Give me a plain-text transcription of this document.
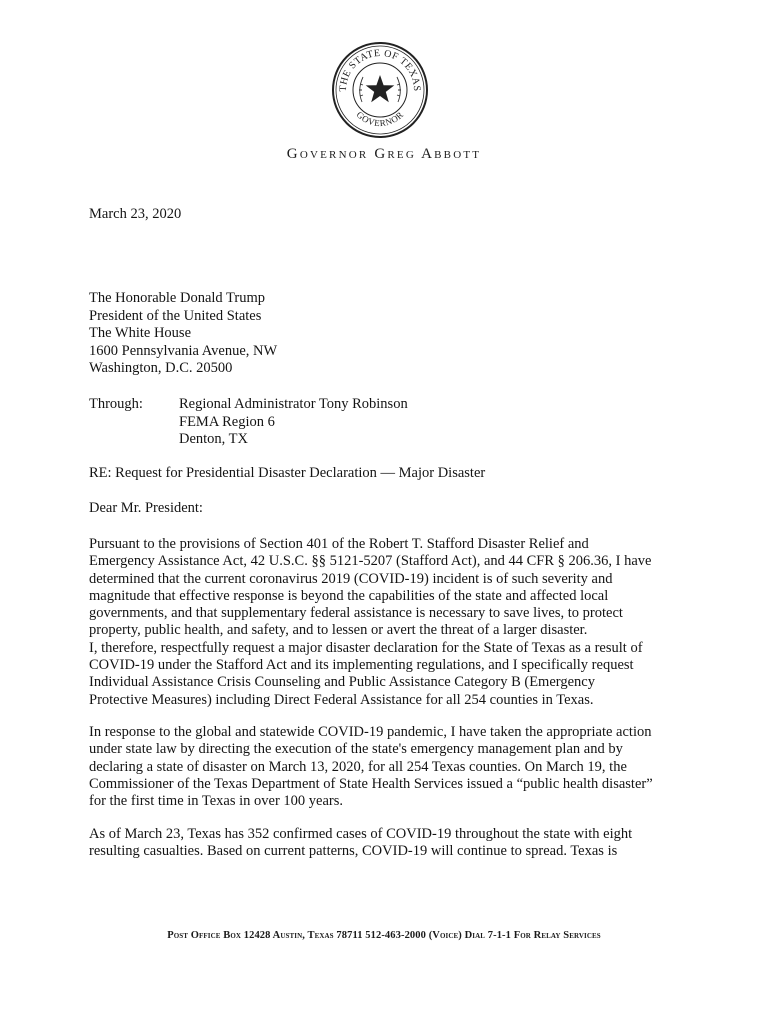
THE STATE OF TEXAS
GOVERNOR
Governor Greg Abbott
March 23, 2020
The Honorable Donald Trump
President of the United States
The White House
1600 Pennsylvania Avenue, NW
Washington, D.C. 20500
Through: Regional Administrator Tony Robinson
FEMA Region 6
Denton, TX
RE: Request for Presidential Disaster Declaration — Major Disaster
Dear Mr. President:
Pursuant to the provisions of Section 401 of the Robert T. Stafford Disaster Relief and
Emergency Assistance Act, 42 U.S.C. §§ 5121-5207 (Stafford Act), and 44 CFR § 206.36, I have
determined that the current coronavirus 2019 (COVID-19) incident is of such severity and
magnitude that effective response is beyond the capabilities of the state and affected local
governments, and that supplementary federal assistance is necessary to save lives, to protect
property, public health, and safety, and to lessen or avert the threat of a larger disaster.
I, therefore, respectfully request a major disaster declaration for the State of Texas as a result of
COVID-19 under the Stafford Act and its implementing regulations, and I specifically request
Individual Assistance Crisis Counseling and Public Assistance Category B (Emergency
Protective Measures) including Direct Federal Assistance for all 254 counties in Texas.
In response to the global and statewide COVID-19 pandemic, I have taken the appropriate action
under state law by directing the execution of the state's emergency management plan and by
declaring a state of disaster on March 13, 2020, for all 254 Texas counties. On March 19, the
Commissioner of the Texas Department of State Health Services issued a “public health disaster”
for the first time in Texas in over 100 years.
As of March 23, Texas has 352 confirmed cases of COVID-19 throughout the state with eight
resulting casualties. Based on current patterns, COVID-19 will continue to spread. Texas is
Post Office Box 12428 Austin, Texas 78711 512-463-2000 (Voice) Dial 7-1-1 For Relay Services
